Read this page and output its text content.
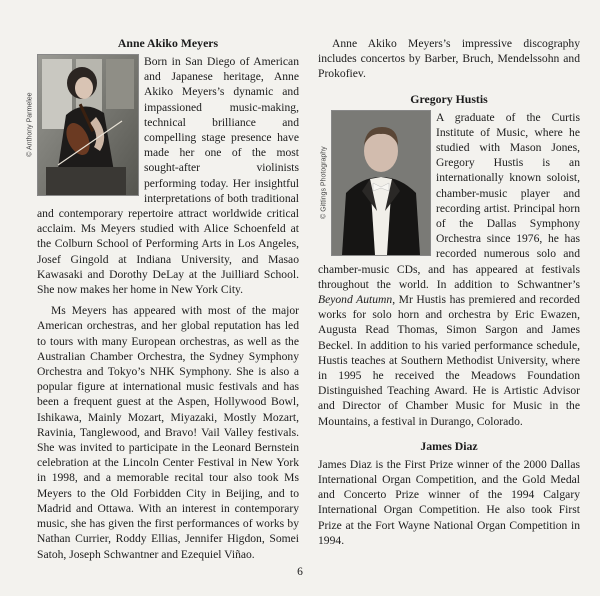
Anne Akiko Meyers
© Anthony Parmelee

Born in San Diego of American and Japanese heritage, Anne Akiko Meyers’s dynamic and impassioned music-making, technical brilliance and compelling stage presence have made her one of the most sought-after violinists performing today. Her insightful interpretations of both traditional and contemporary repertoire attract worldwide critical acclaim. Ms Meyers studied with Alice Schoenfeld at the Colburn School of Performing Arts in Los Angeles, Josef Gingold at Indiana University, and Masao Kawasaki and Dorothy DeLay at the Juilliard School. She now makes her home in New York City.

Ms Meyers has appeared with most of the major American orchestras, and her global reputation has led to tours with many European orchestras, as well as the Australian Chamber Orchestra, the Sydney Symphony Orchestra and Tokyo’s NHK Symphony. She is also a popular figure at international music festivals and has been a frequent guest at the Aspen, Hollywood Bowl, Ishikawa, Mainly Mozart, Miyazaki, Mostly Mozart, Ravinia, Tanglewood, and Bravo! Vail Valley festivals. She was invited to participate in the Leonard Bernstein celebration at the Lincoln Center Festival in New York in 1998, and a memorable recital tour also took Ms Meyers to the Old Forbidden City in Beijing, and to Madrid and Ottawa. With an interest in contemporary music, she has given the first performances of works by Nathan Currier, Roddy Ellias, Jennifer Higdon, Somei Satoh, Joseph Schwantner and Ezequiel Viñao.

Anne Akiko Meyers’s impressive discography includes concertos by Barber, Bruch, Mendelssohn and Prokofiev.

Gregory Hustis
© Gittings Photography

A graduate of the Curtis Institute of Music, where he studied with Mason Jones, Gregory Hustis is an internationally known soloist, chamber-music player and recording artist. Principal horn of the Dallas Symphony Orchestra since 1976, he has recorded numerous solo and chamber-music CDs, and has appeared at festivals throughout the world. In addition to Schwantner’s Beyond Autumn, Mr Hustis has premiered and recorded works for solo horn and orchestra by Eric Ewazen, Augusta Read Thomas, Simon Sargon and James Beckel. In addition to his varied performance schedule, Hustis teaches at Southern Methodist University, where in 1995 he received the Meadows Foundation Distinguished Teaching Award. He is Artistic Advisor and Director of Chamber Music for Music in the Mountains, a festival in Durango, Colorado.

James Diaz

James Diaz is the First Prize winner of the 2000 Dallas International Organ Competition, and the Gold Medal and Concerto Prize winner of the 1994 Calgary International Organ Competition. He also took First Prize at the Fort Wayne National Organ Competition in 1994.

6
